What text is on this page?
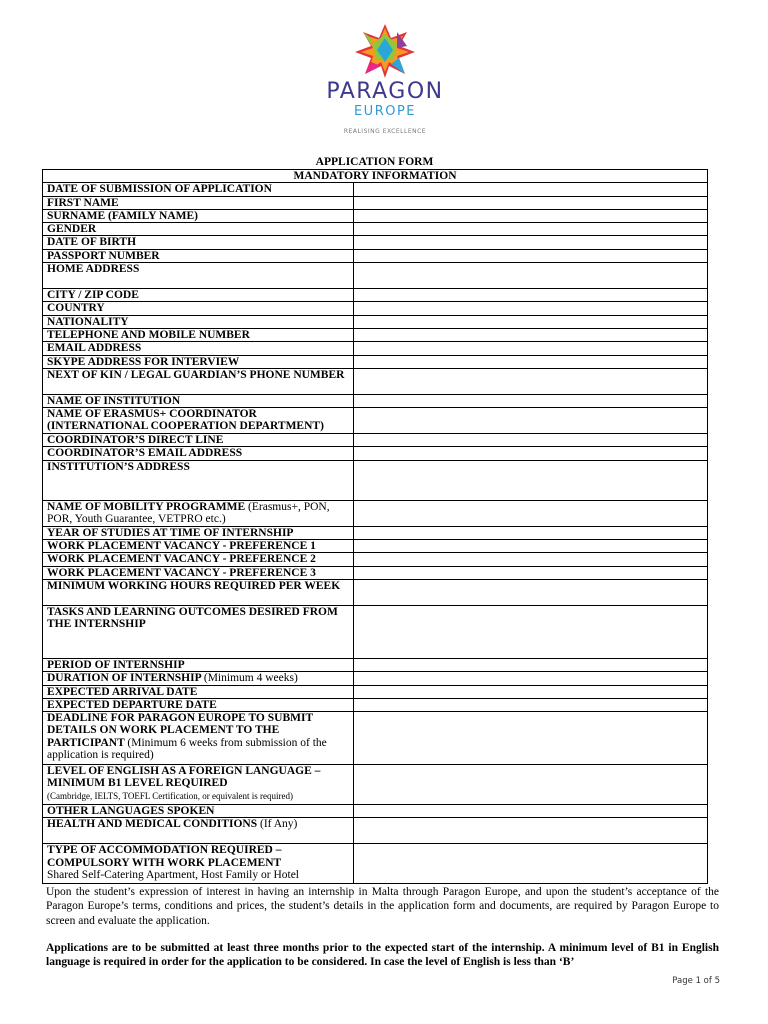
PARAGON
EUROPE
REALISING EXCELLENCE
APPLICATION FORM
MANDATORY INFORMATION	
DATE OF SUBMISSION OF APPLICATION	
FIRST NAME	
SURNAME (FAMILY NAME)	
GENDER	
DATE OF BIRTH	
PASSPORT NUMBER	
HOME ADDRESS	
CITY / ZIP CODE	
COUNTRY	
NATIONALITY	
TELEPHONE AND MOBILE NUMBER	
EMAIL ADDRESS	
SKYPE ADDRESS FOR INTERVIEW	
NEXT OF KIN / LEGAL GUARDIAN’S PHONE NUMBER	
NAME OF INSTITUTION	
NAME OF ERASMUS+ COORDINATOR (INTERNATIONAL COOPERATION DEPARTMENT)	
COORDINATOR’S DIRECT LINE	
COORDINATOR’S EMAIL ADDRESS	
INSTITUTION’S ADDRESS	
NAME OF MOBILITY PROGRAMME (Erasmus+, PON, POR, Youth Guarantee, VETPRO etc.)	
YEAR OF STUDIES AT TIME OF INTERNSHIP	
WORK PLACEMENT VACANCY - PREFERENCE 1	
WORK PLACEMENT VACANCY - PREFERENCE 2	
WORK PLACEMENT VACANCY - PREFERENCE 3	
MINIMUM WORKING HOURS REQUIRED PER WEEK	
TASKS AND LEARNING OUTCOMES DESIRED FROM THE INTERNSHIP	
PERIOD OF INTERNSHIP	
DURATION OF INTERNSHIP (Minimum 4 weeks)	
EXPECTED ARRIVAL DATE	
EXPECTED DEPARTURE DATE	
DEADLINE FOR PARAGON EUROPE TO SUBMIT DETAILS ON WORK PLACEMENT TO THE PARTICIPANT (Minimum 6 weeks from submission of the application is required)	
LEVEL OF ENGLISH AS A FOREIGN LANGUAGE – MINIMUM B1 LEVEL REQUIRED
(Cambridge, IELTS, TOEFL Certification, or equivalent is required)	

OTHER LANGUAGES SPOKEN	
HEALTH AND MEDICAL CONDITIONS (If Any)	
TYPE OF ACCOMMODATION REQUIRED – COMPULSORY WITH WORK PLACEMENT
Shared Self-Catering Apartment, Host Family or Hotel	

Upon the student’s expression of interest in having an internship in Malta through Paragon Europe, and upon the student’s acceptance of the Paragon Europe’s terms, conditions and prices, the student’s details in the application form and documents, are required by Paragon Europe to screen and evaluate the application.
Applications are to be submitted at least three months prior to the expected start of the internship. A minimum level of B1 in English language is required in order for the application to be considered. In case the level of English is less than ‘B’
Page 1 of 5
